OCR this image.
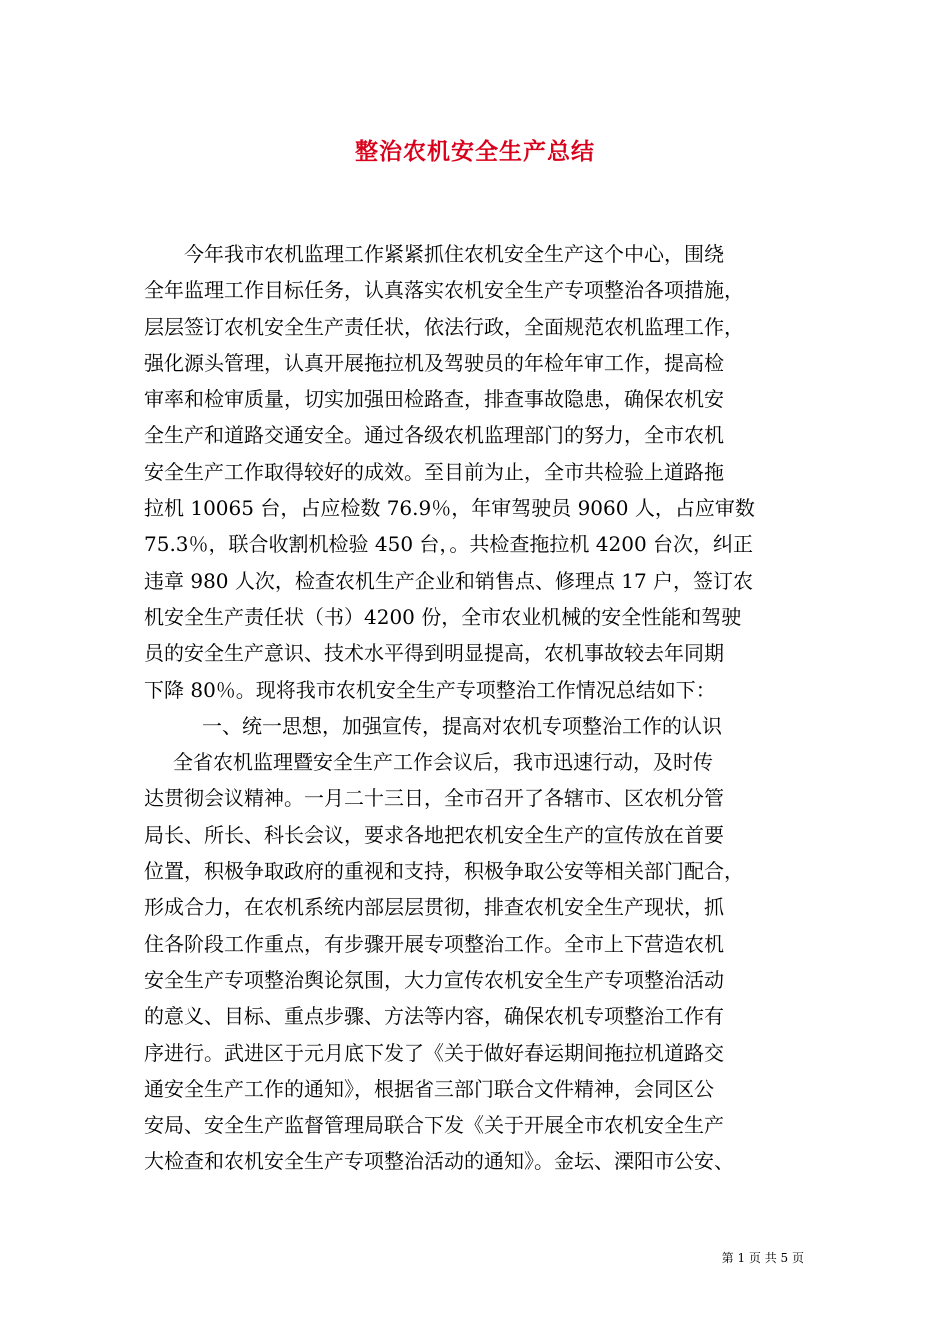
整治农机安全生产总结
今年我市农机监理工作紧紧抓住农机安全生产这个中心，围绕
全年监理工作目标任务，认真落实农机安全生产专项整治各项措施，
层层签订农机安全生产责任状，依法行政，全面规范农机监理工作，
强化源头管理，认真开展拖拉机及驾驶员的年检年审工作，提高检
审率和检审质量，切实加强田检路查，排查事故隐患，确保农机安
全生产和道路交通安全。通过各级农机监理部门的努力，全市农机
安全生产工作取得较好的成效。至目前为止，全市共检验上道路拖
拉机 10065 台，占应检数 76.9％，年审驾驶员 9060 人，占应审数
75.3％，联合收割机检验 450 台，。共检查拖拉机 4200 台次，纠正
违章 980 人次，检查农机生产企业和销售点、修理点 17 户，签订农
机安全生产责任状（书）4200 份，全市农业机械的安全性能和驾驶
员的安全生产意识、技术水平得到明显提高，农机事故较去年同期
下降 80％。现将我市农机安全生产专项整治工作情况总结如下：
一、统一思想，加强宣传，提高对农机专项整治工作的认识
全省农机监理暨安全生产工作会议后，我市迅速行动，及时传
达贯彻会议精神。一月二十三日，全市召开了各辖市、区农机分管
局长、所长、科长会议，要求各地把农机安全生产的宣传放在首要
位置，积极争取政府的重视和支持，积极争取公安等相关部门配合，
形成合力，在农机系统内部层层贯彻，排查农机安全生产现状，抓
住各阶段工作重点，有步骤开展专项整治工作。全市上下营造农机
安全生产专项整治舆论氛围，大力宣传农机安全生产专项整治活动
的意义、目标、重点步骤、方法等内容，确保农机专项整治工作有
序进行。武进区于元月底下发了《关于做好春运期间拖拉机道路交
通安全生产工作的通知》，根据省三部门联合文件精神，会同区公
安局、安全生产监督管理局联合下发《关于开展全市农机安全生产
大检查和农机安全生产专项整治活动的通知》。金坛、溧阳市公安、
第 1 页 共 5 页
